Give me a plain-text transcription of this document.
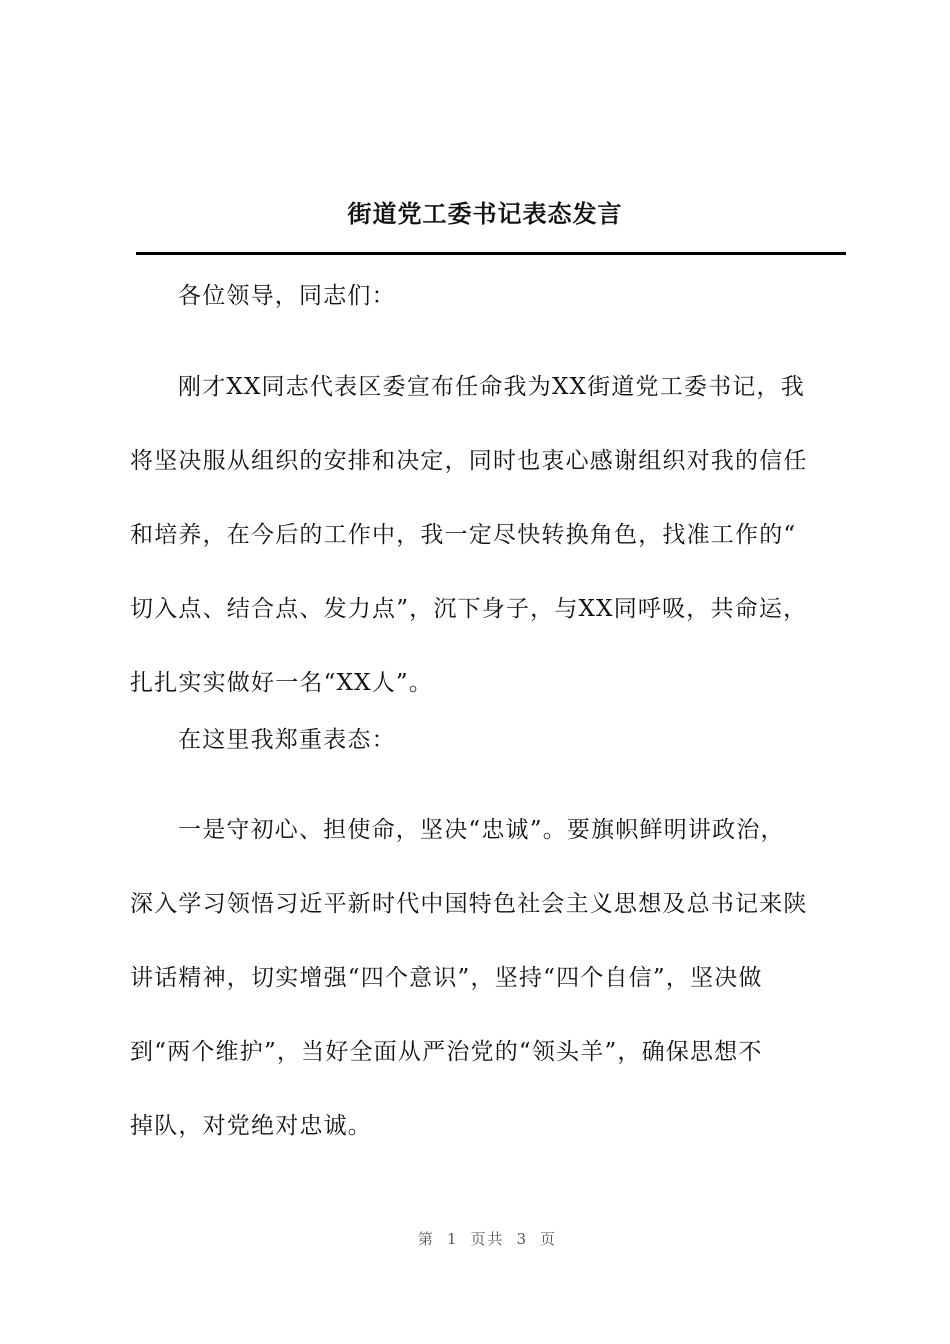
街道党工委书记表态发言

各位领导，同志们：

刚才XX同志代表区委宣布任命我为XX街道党工委书记，我
将坚决服从组织的安排和决定，同时也衷心感谢组织对我的信任
和培养，在今后的工作中，我一定尽快转换角色，找准工作的“
切入点、结合点、发力点”，沉下身子，与XX同呼吸，共命运，
扎扎实实做好一名“XX人”。

在这里我郑重表态：

一是守初心、担使命，坚决“忠诚”。要旗帜鲜明讲政治，
深入学习领悟习近平新时代中国特色社会主义思想及总书记来陕
讲话精神，切实增强“四个意识”，坚持“四个自信”，坚决做
到“两个维护”，当好全面从严治党的“领头羊”，确保思想不
掉队，对党绝对忠诚。

第 1 页共 3 页
